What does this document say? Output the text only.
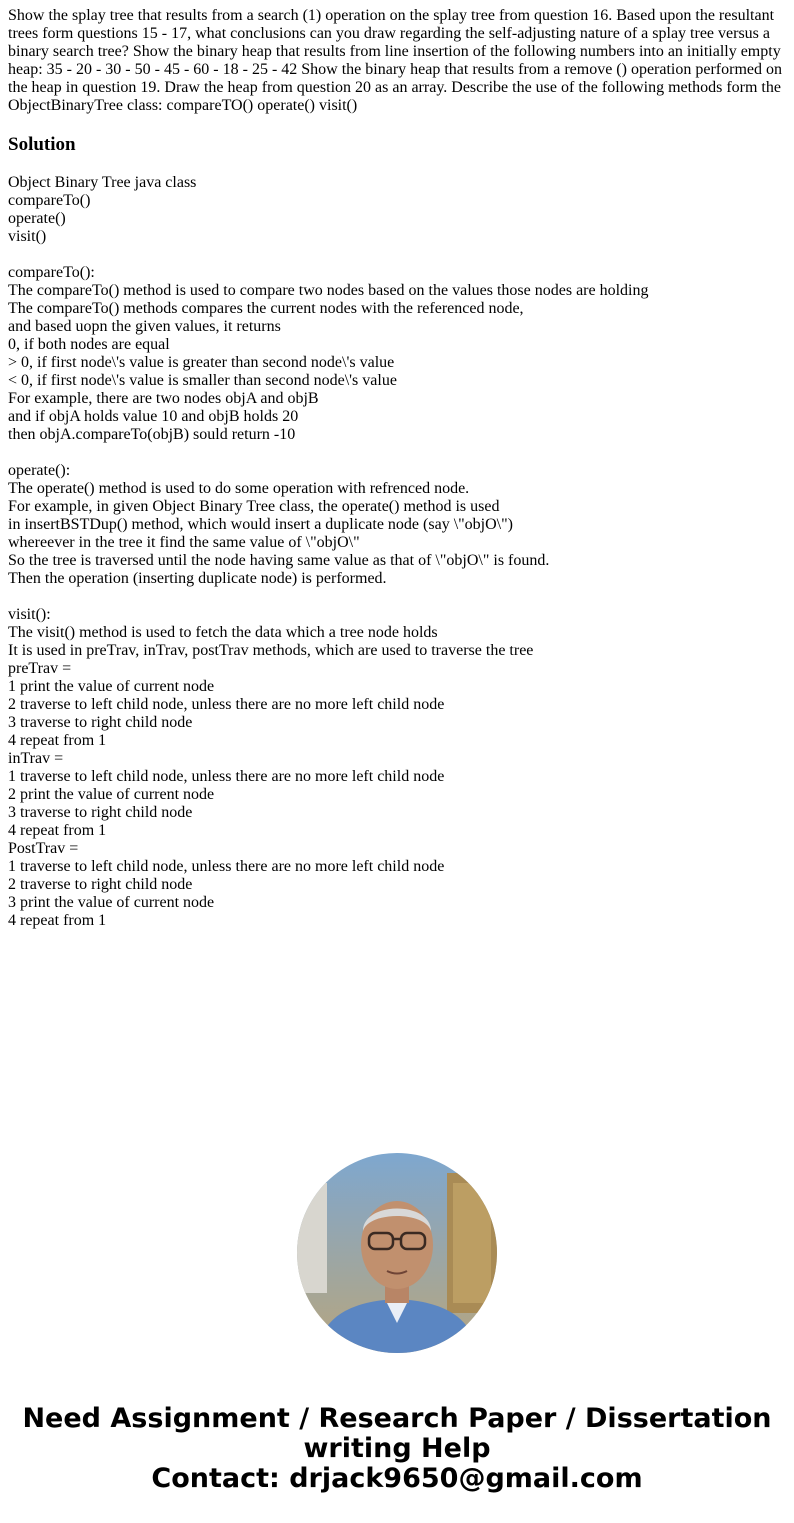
Show the splay tree that results from a search (1) operation on the splay tree from question 16. Based upon the resultant trees form questions 15 - 17, what conclusions can you draw regarding the self-adjusting nature of a splay tree versus a binary search tree? Show the binary heap that results from line insertion of the following numbers into an initially empty heap: 35 - 20 - 30 - 50 - 45 - 60 - 18 - 25 - 42 Show the binary heap that results from a remove () operation performed on the heap in question 19. Draw the heap from question 20 as an array. Describe the use of the following methods form the ObjectBinaryTree class: compareTO() operate() visit()

Solution
Object Binary Tree java class
compareTo()
operate()
visit()
compareTo():
The compareTo() method is used to compare two nodes based on the values those nodes are holding
The compareTo() methods compares the current nodes with the referenced node,
and based uopn the given values, it returns
0, if both nodes are equal
> 0, if first node\'s value is greater than second node\'s value
< 0, if first node\'s value is smaller than second node\'s value
For example, there are two nodes objA and objB
and if objA holds value 10 and objB holds 20
then objA.compareTo(objB) sould return -10
operate():
The operate() method is used to do some operation with refrenced node.
For example, in given Object Binary Tree class, the operate() method is used
in insertBSTDup() method, which would insert a duplicate node (say \"objO\")
whereever in the tree it find the same value of \"objO\"
So the tree is traversed until the node having same value as that of \"objO\" is found.
Then the operation (inserting duplicate node) is performed.
visit():
The visit() method is used to fetch the data which a tree node holds
It is used in preTrav, inTrav, postTrav methods, which are used to traverse the tree
preTrav =
1 print the value of current node
2 traverse to left child node, unless there are no more left child node
3 traverse to right child node
4 repeat from 1
inTrav =
1 traverse to left child node, unless there are no more left child node
2 print the value of current node
3 traverse to right child node
4 repeat from 1
PostTrav =
1 traverse to left child node, unless there are no more left child node
2 traverse to right child node
3 print the value of current node
4 repeat from 1
Need Assignment / Research Paper / Dissertation
writing Help
Contact: drjack9650@gmail.com
